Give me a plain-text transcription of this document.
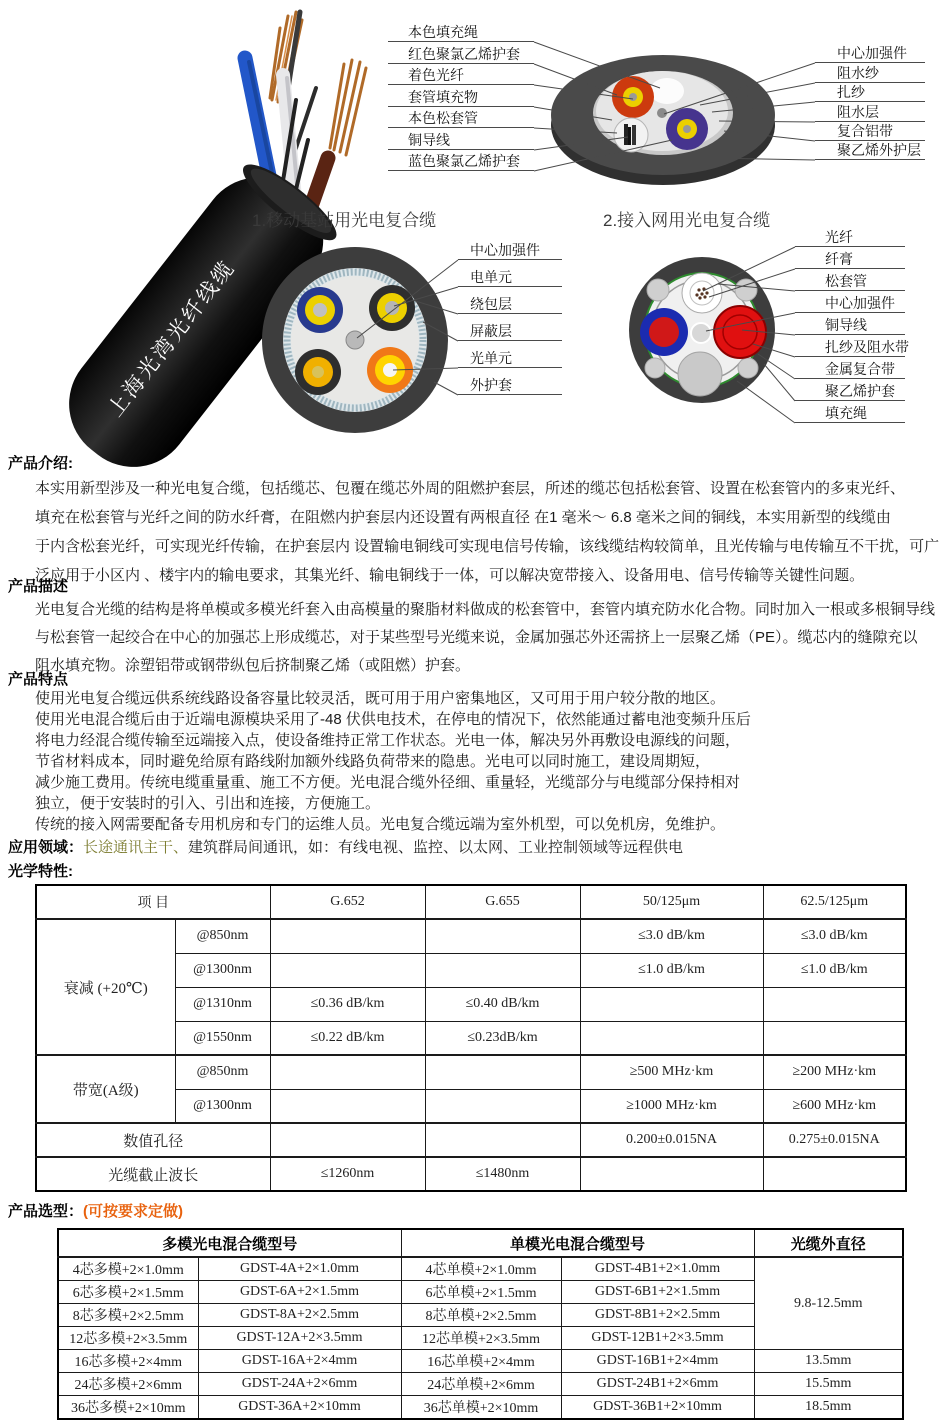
上海光湾光纤线缆
1.移动基站用光电复合缆	2.接入网用光电复合缆
本色填充绳
红色聚氯乙烯护套
着色光纤
套管填充物
本色松套管
铜导线
蓝色聚氯乙烯护套
中心加强件
阻水纱
扎纱
阻水层
复合铝带
聚乙烯外护层
中心加强件
电单元
绕包层
屏蔽层
光单元
外护套
光纤
纤膏
松套管
中心加强件
铜导线
扎纱及阻水带
金属复合带
聚乙烯护套
填充绳
产品介绍:
本实用新型涉及一种光电复合缆，包括缆芯、包覆在缆芯外周的阻燃护套层，所述的缆芯包括松套管、设置在松套管内的多束光纤、
填充在松套管与光纤之间的防水纤膏，在阻燃内护套层内还设置有两根直径 在1 毫米～ 6.8 毫米之间的铜线，本实用新型的线缆由
于内含松套光纤，可实现光纤传输，在护套层内 设置输电铜线可实现电信号传输，该线缆结构较简单，且光传输与电传输互不干扰，可广
泛应用于小区内 、楼宇内的输电要求，其集光纤、输电铜线于一体，可以解决宽带接入、设备用电、信号传输等关键性问题。
产品描述
光电复合光缆的结构是将单模或多模光纤套入由高模量的聚脂材料做成的松套管中，套管内填充防水化合物。同时加入一根或多根铜导线
与松套管一起绞合在中心的加强芯上形成缆芯，对于某些型号光缆来说，金属加强芯外还需挤上一层聚乙烯（PE）。缆芯内的缝隙充以
阻水填充物。涂塑铝带或钢带纵包后挤制聚乙烯（或阻燃）护套。
产品特点
使用光电复合缆远供系统线路设备容量比较灵活，既可用于用户密集地区，又可用于用户较分散的地区。
使用光电混合缆后由于近端电源模块采用了-48 伏供电技术，在停电的情况下，依然能通过蓄电池变频升压后
将电力经混合缆传输至远端接入点，使设备维持正常工作状态。光电一体，解决另外再敷设电源线的问题，
节省材料成本，同时避免给原有路线附加额外线路负荷带来的隐患。光电可以同时施工，建设周期短，
减少施工费用。传统电缆重量重、施工不方便。光电混合缆外径细、重量轻，光缆部分与电缆部分保持相对
独立，便于安装时的引入、引出和连接，方便施工。
传统的接入网需要配备专用机房和专门的运维人员。光电复合缆远端为室外机型，可以免机房，免维护。
应用领域：长途通讯主干、建筑群局间通讯，如：有线电视、监控、以太网、工业控制领域等远程供电
光学特性:
项 目		G.652	G.655	50/125μm	62.5/125μm
衰减 (+20℃)	@850nm			≤3.0 dB/km	≤3.0 dB/km
	@1300nm			≤1.0 dB/km	≤1.0 dB/km
	@1310nm	≤0.36 dB/km	≤0.40 dB/km		
	@1550nm	≤0.22 dB/km	≤0.23dB/km		
带宽(A级)	@850nm			≥500 MHz·km	≥200 MHz·km
	@1300nm			≥1000 MHz·km	≥600 MHz·km
数值孔径				0.200±0.015NA	0.275±0.015NA
光缆截止波长		≤1260nm	≤1480nm		
产品选型：(可按要求定做)
多模光电混合缆型号		单模光电混合缆型号		光缆外直径
4芯多模+2×1.0mm	GDST-4A+2×1.0mm	4芯单模+2×1.0mm	GDST-4B1+2×1.0mm	9.8-12.5mm
6芯多模+2×1.5mm	GDST-6A+2×1.5mm	6芯单模+2×1.5mm	GDST-6B1+2×1.5mm	
8芯多模+2×2.5mm	GDST-8A+2×2.5mm	8芯单模+2×2.5mm	GDST-8B1+2×2.5mm	
12芯多模+2×3.5mm	GDST-12A+2×3.5mm	12芯单模+2×3.5mm	GDST-12B1+2×3.5mm	
16芯多模+2×4mm	GDST-16A+2×4mm	16芯单模+2×4mm	GDST-16B1+2×4mm	13.5mm
24芯多模+2×6mm	GDST-24A+2×6mm	24芯单模+2×6mm	GDST-24B1+2×6mm	15.5mm
36芯多模+2×10mm	GDST-36A+2×10mm	36芯单模+2×10mm	GDST-36B1+2×10mm	18.5mm
